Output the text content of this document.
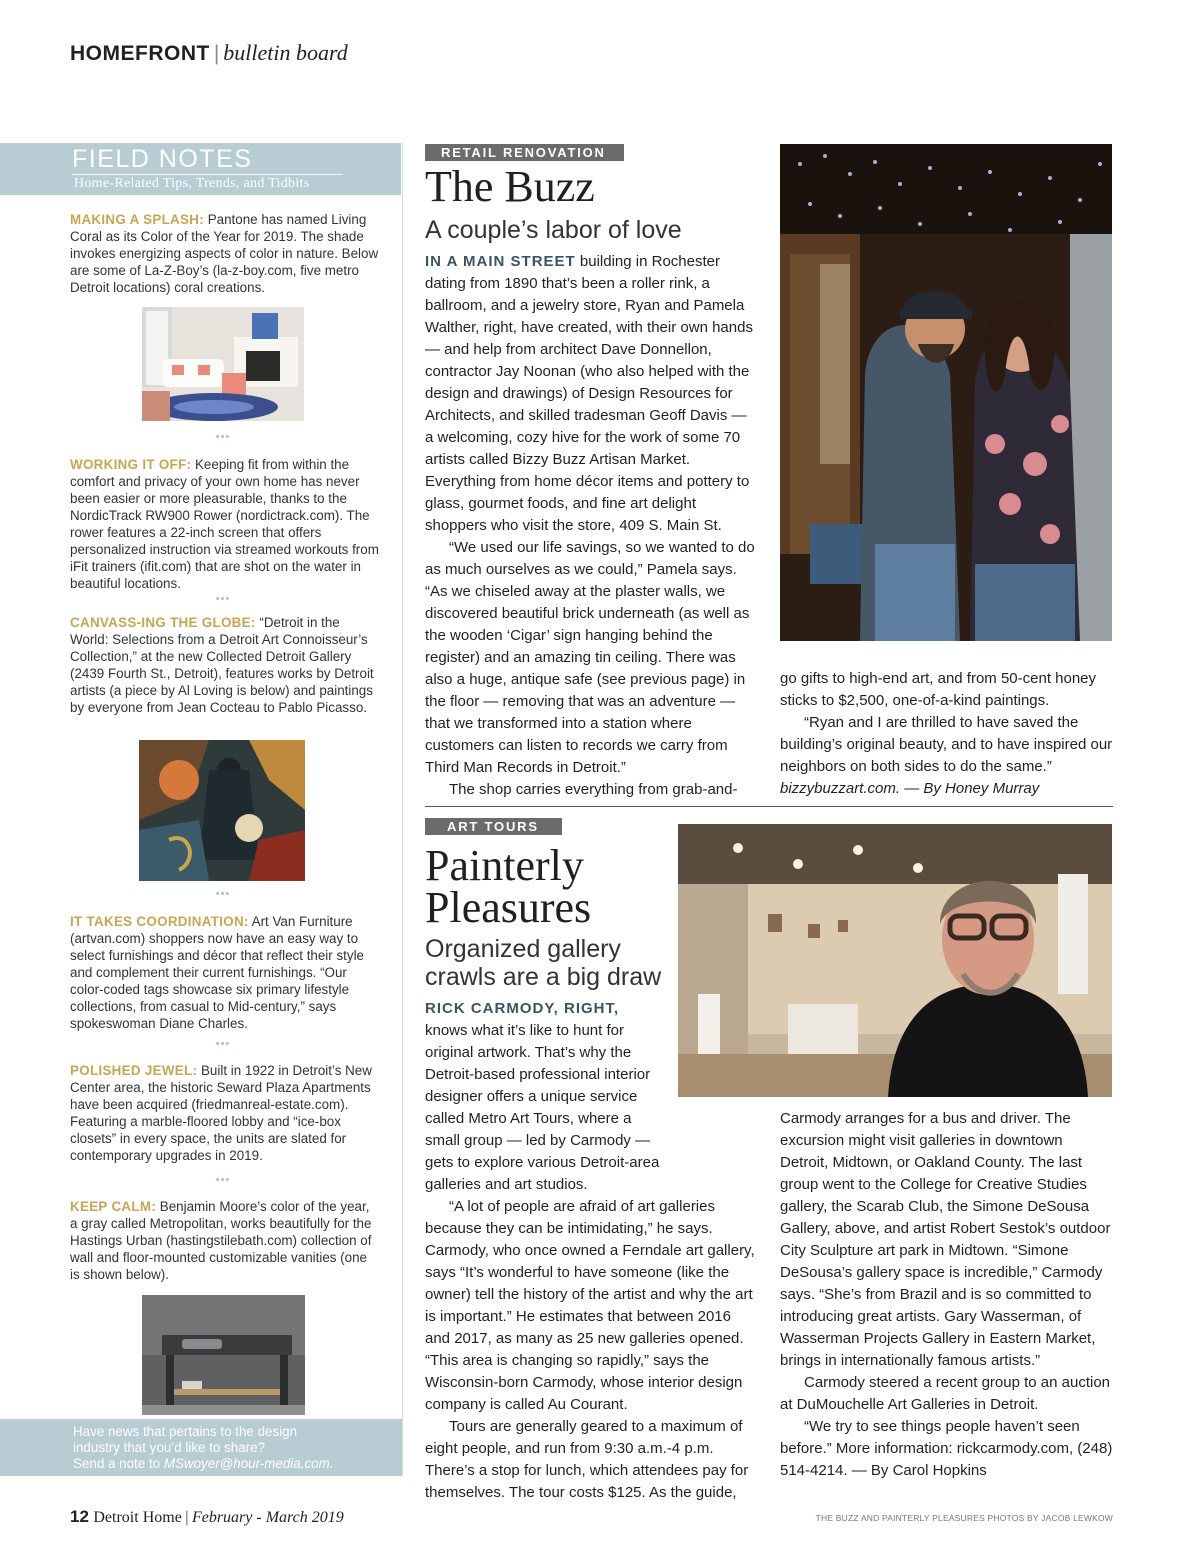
HOMEFRONT | bulletin board
FIELD NOTES
Home-Related Tips, Trends, and Tidbits

MAKING A SPLASH: Pantone has named Living Coral as its Color of the Year for 2019. The shade invokes energizing aspects of color in nature. Below are some of La-Z-Boy’s (la-z-boy.com, five metro Detroit locations) coral creations.

•••

WORKING IT OFF: Keeping fit from within the comfort and privacy of your own home has never been easier or more pleasurable, thanks to the NordicTrack RW900 Rower (nordictrack.com). The rower features a 22-inch screen that offers personalized instruction via streamed workouts from iFit trainers (ifit.com) that are shot on the water in beautiful locations.

•••

CANVASS-ING THE GLOBE: “Detroit in the World: Selections from a Detroit Art Connoisseur’s Collection,” at the new Collected Detroit Gallery (2439 Fourth St., Detroit), features works by Detroit artists (a piece by Al Loving is below) and paintings by everyone from Jean Cocteau to Pablo Picasso.

•••

IT TAKES COORDINATION: Art Van Furniture (artvan.com) shoppers now have an easy way to select furnishings and décor that reflect their style and complement their current furnishings. “Our color-coded tags showcase six primary lifestyle collections, from casual to Mid-century,” says spokeswoman Diane Charles.

•••

POLISHED JEWEL: Built in 1922 in Detroit’s New Center area, the historic Seward Plaza Apartments have been acquired (friedmanreal-estate.com). Featuring a marble-floored lobby and “ice-box closets” in every space, the units are slated for contemporary upgrades in 2019.

•••

KEEP CALM: Benjamin Moore’s color of the year, a gray called Metropolitan, works beautifully for the Hastings Urban (hastingstilebath.com) collection of wall and floor-mounted customizable vanities (one is shown below).

Have news that pertains to the design

industry that you’d like to share?

Send a note to MSwoyer@hour-media.com.

RETAIL RENOVATION
The Buzz
A couple’s labor of love

IN A MAIN STREET building in Rochester dating from 1890 that’s been a roller rink, a ballroom, and a jewelry store, Ryan and Pamela Walther, right, have created, with their own hands — and help from architect Dave Donnellon, contractor Jay Noonan (who also helped with the design and drawings) of Design Resources for Architects, and skilled tradesman Geoff Davis — a welcoming, cozy hive for the work of some 70 artists called Bizzy Buzz Artisan Market. Everything from home décor items and pottery to glass, gourmet foods, and fine art delight shoppers who visit the store, 409 S. Main St.

“We used our life savings, so we wanted to do as much ourselves as we could,” Pamela says. “As we chiseled away at the plaster walls, we discovered beautiful brick underneath (as well as the wooden ‘Cigar’ sign hanging behind the register) and an amazing tin ceiling. There was also a huge, antique safe (see previous page) in the floor — removing that was an adventure — that we transformed into a station where customers can listen to records we carry from Third Man Records in Detroit.”

The shop carries everything from grab-and-

go gifts to high-end art, and from 50-cent honey sticks to $2,500, one-of-a-kind paintings.

“Ryan and I are thrilled to have saved the building’s original beauty, and to have inspired our neighbors on both sides to do the same.”

bizzybuzzart.com. — By Honey Murray

ART TOURS
Painterly
Pleasures
Organized gallery crawls are a big draw

RICK CARMODY, RIGHT,

knows what it’s like to hunt for original artwork. That’s why the Detroit-based professional interior designer offers a unique service called Metro Art Tours, where a small group — led by Carmody — gets to explore various Detroit-area galleries and art studios.

“A lot of people are afraid of art galleries because they can be intimidating,” he says. Carmody, who once owned a Ferndale art gallery, says “It’s wonderful to have someone (like the owner) tell the history of the artist and why the art is important.” He estimates that between 2016 and 2017, as many as 25 new galleries opened. “This area is changing so rapidly,” says the Wisconsin-born Carmody, whose interior design company is called Au Courant.

Tours are generally geared to a maximum of eight people, and run from 9:30 a.m.-4 p.m. There’s a stop for lunch, which attendees pay for themselves. The tour costs $125. As the guide,

Carmody arranges for a bus and driver. The excursion might visit galleries in downtown Detroit, Midtown, or Oakland County. The last group went to the College for Creative Studies gallery, the Scarab Club, the Simone DeSousa Gallery, above, and artist Robert Sestok’s outdoor City Sculpture art park in Midtown. “Simone DeSousa’s gallery space is incredible,” Carmody says. “She’s from Brazil and is so committed to introducing great artists. Gary Wasserman, of Wasserman Projects Gallery in Eastern Market, brings in internationally famous artists.”

Carmody steered a recent group to an auction at DuMouchelle Art Galleries in Detroit.

“We try to see things people haven’t seen before.” More information: rickcarmody.com, (248) 514-4214. — By Carol Hopkins

12 Detroit Home | February - March 2019	THE BUZZ AND PAINTERLY PLEASURES PHOTOS BY JACOB LEWKOW
